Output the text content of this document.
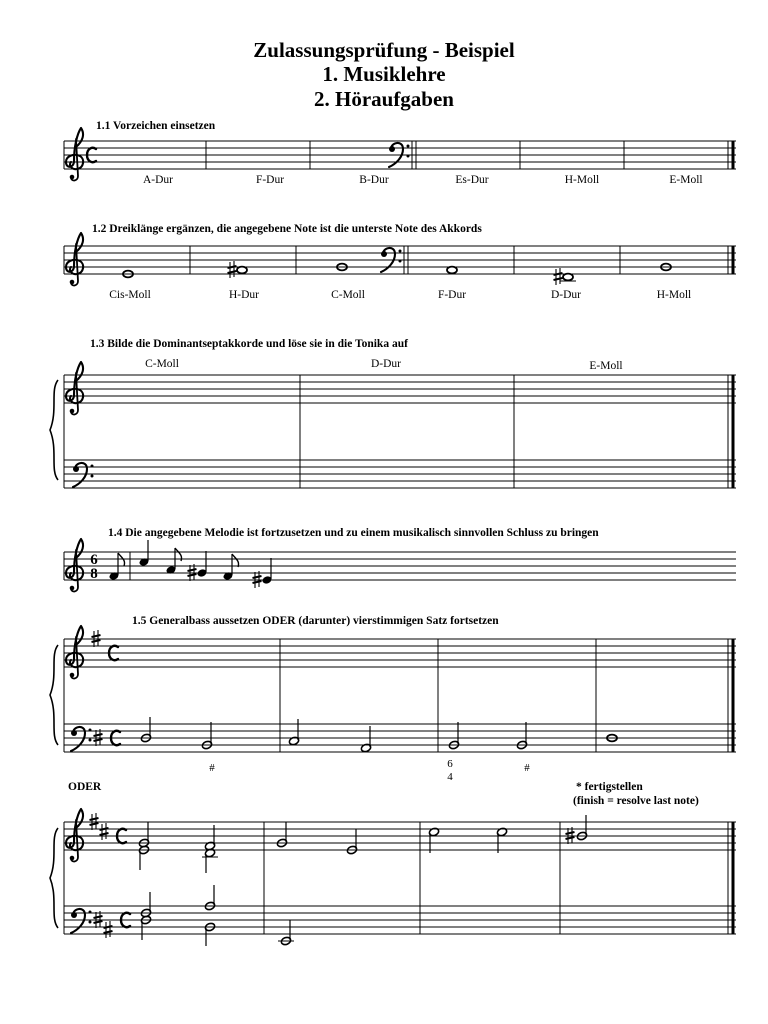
Zulassungsprüfung - Beispiel
1. Musiklehre
2. Höraufgaben
1.1 Vorzeichen einsetzen
1.2 Dreiklänge ergänzen, die angegebene Note ist die unterste Note des Akkords
1.3 Bilde die Dominantseptakkorde und löse sie in die Tonika auf
1.4 Die angegebene Melodie ist fortzusetzen und zu einem musikalisch sinnvollen Schluss zu bringen
1.5 Generalbass aussetzen ODER (darunter) vierstimmigen Satz fortsetzen
A-Dur	F-Dur	B-Dur	Es-Dur	H-Moll	E-Moll
Cis-Moll	H-Dur	C-Moll	F-Dur	D-Dur	H-Moll
C-Moll	D-Dur	E-Moll
#	6
4
#
ODER	* fertigstellen
(finish = resolve last note)
6
8
